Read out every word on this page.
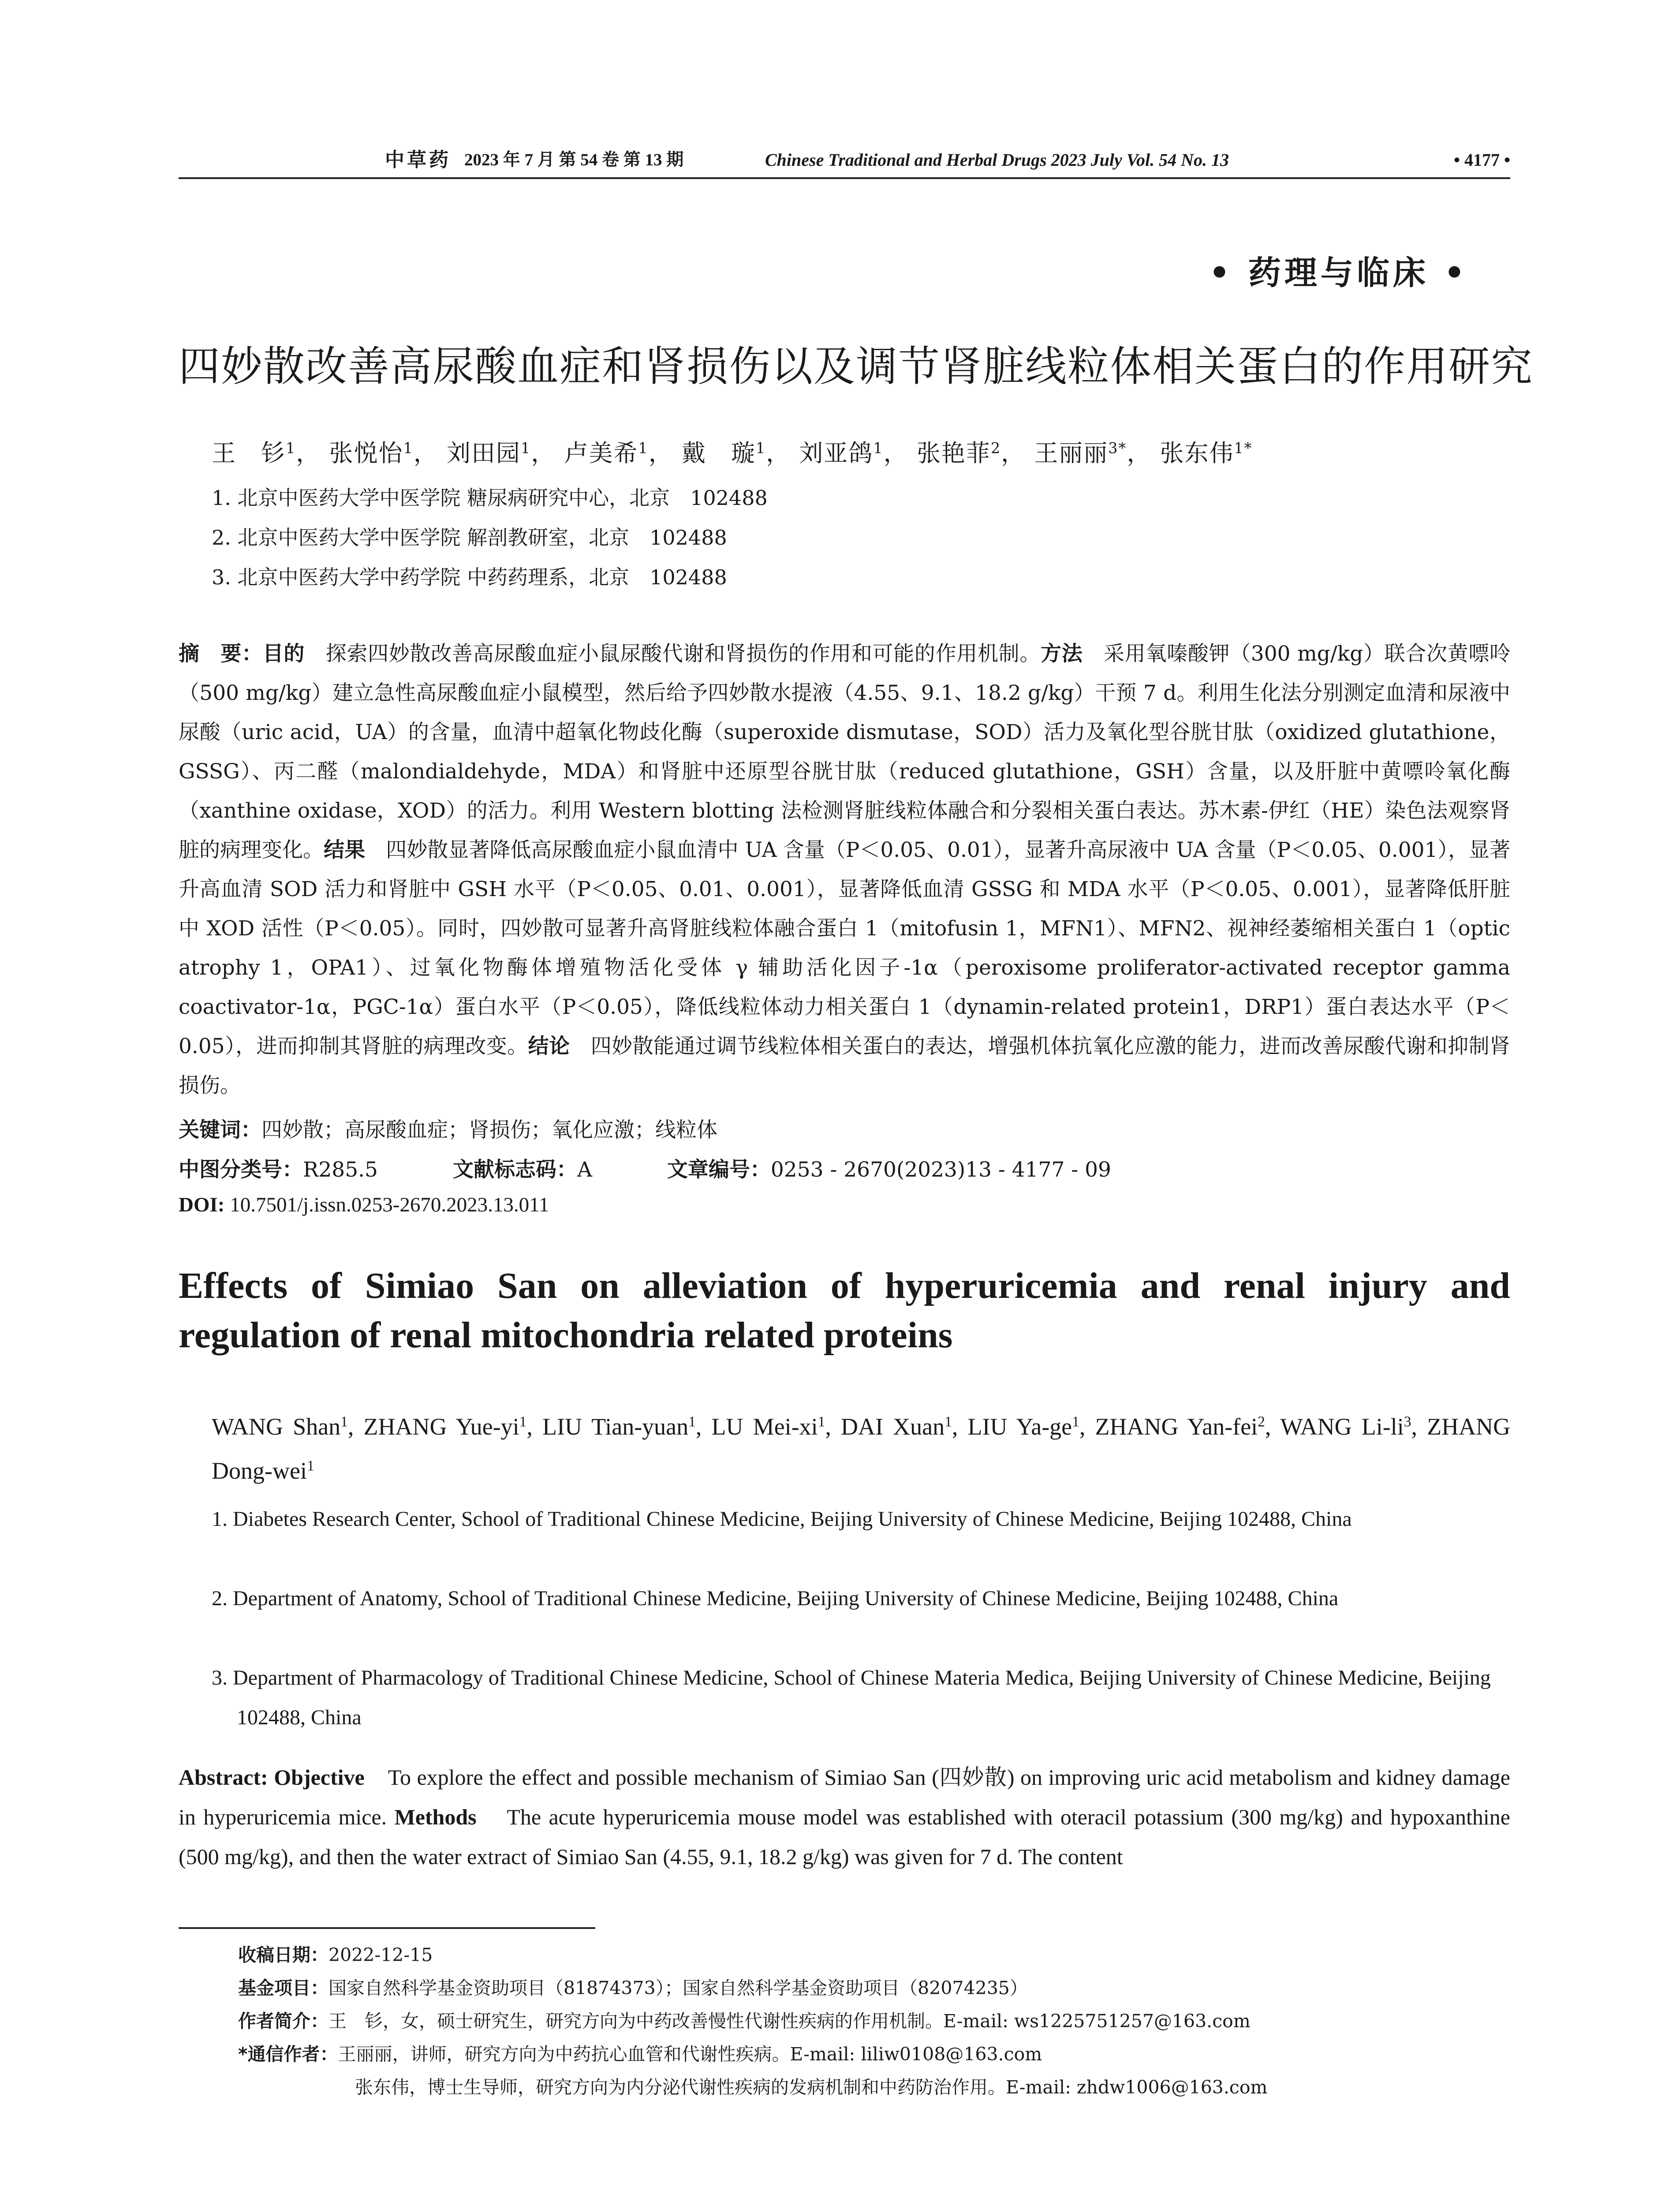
中草药 2023 年 7 月 第 54 卷 第 13 期	Chinese Traditional and Herbal Drugs 2023 July Vol. 54 No. 13	• 4177 •
• 药理与临床 •
四妙散改善高尿酸血症和肾损伤以及调节肾脏线粒体相关蛋白的作用研究
王　钐$^1$， 张悦怡$^1$， 刘田园$^1$， 卢美希$^1$， 戴　璇$^1$， 刘亚鸽$^1$， 张艳菲$^2$， 王丽丽$^{3*}$， 张东伟$^{1*}$
1. 北京中医药大学中医学院 糖尿病研究中心，北京　102488
2. 北京中医药大学中医学院 解剖教研室，北京　102488
3. 北京中医药大学中药学院 中药药理系，北京　102488
摘　要：目的　 探索四妙散改善高尿酸血症小鼠尿酸代谢和肾损伤的作用和可能的作用机制。方法　 采用氧嗪酸钾（300 mg/kg）联合次黄嘌呤（500 mg/kg）建立急性高尿酸血症小鼠模型，然后给予四妙散水提液（4.55、9.1、18.2 g/kg）干预 7 d。利用生化法分别测定血清和尿液中尿酸（uric acid，UA）的含量，血清中超氧化物歧化酶（superoxide dismutase，SOD）活力及氧化型谷胱甘肽（oxidized glutathione，GSSG）、丙二醛（malondialdehyde，MDA）和肾脏中还原型谷胱甘肽（reduced glutathione，GSH）含量，以及肝脏中黄嘌呤氧化酶（xanthine oxidase，XOD）的活力。利用 Western blotting 法检测肾脏线粒体融合和分裂相关蛋白表达。苏木素-伊红（HE）染色法观察肾脏的病理变化。结果　 四妙散显著降低高尿酸血症小鼠血清中 UA 含量（P＜0.05、0.01），显著升高尿液中 UA 含量（P＜0.05、0.001），显著升高血清 SOD 活力和肾脏中 GSH 水平（P＜0.05、0.01、0.001），显著降低血清 GSSG 和 MDA 水平（P＜0.05、0.001），显著降低肝脏中 XOD 活性（P＜0.05）。同时，四妙散可显著升高肾脏线粒体融合蛋白 1（mitofusin 1，MFN1）、MFN2、视神经萎缩相关蛋白 1（optic atrophy 1，OPA1）、过氧化物酶体增殖物活化受体 γ 辅助活化因子-1α（peroxisome proliferator-activated receptor gamma coactivator-1α，PGC-1α）蛋白水平（P＜0.05），降低线粒体动力相关蛋白 1（dynamin-related protein1，DRP1）蛋白表达水平（P＜0.05），进而抑制其肾脏的病理改变。结论　 四妙散能通过调节线粒体相关蛋白的表达，增强机体抗氧化应激的能力，进而改善尿酸代谢和抑制肾损伤。
关键词：四妙散；高尿酸血症；肾损伤；氧化应激；线粒体
中图分类号：R285.5	文献标志码：A	文章编号：0253 - 2670(2023)13 - 4177 - 09
DOI: 10.7501/j.issn.0253-2670.2023.13.011
Effects of Simiao San on alleviation of hyperuricemia and renal injury and
regulation of renal mitochondria related proteins
WANG Shan$^1$, ZHANG Yue-$yi^1$, LIU Tian-yuan$^1$, LU Mei-$xi^1$, DAI Xuan$^1$, LIU $Ya-ge^1$, ZHANG Yan-fei$^2$, WANG $Li-li^3$, ZHANG Dong-wei$^1$
1. Diabetes Research Center, School of Traditional Chinese Medicine, Beijing University of Chinese Medicine, Beijing 102488, China
2. Department of Anatomy, School of Traditional Chinese Medicine, Beijing University of Chinese Medicine, Beijing 102488, China
3. Department of Pharmacology of Traditional Chinese Medicine, School of Chinese Materia Medica, Beijing University of Chinese Medicine, Beijing 102488, China
Abstract: Objective To explore the effect and possible mechanism of Simiao San (四妙散) on improving uric acid metabolism and kidney damage in hyperuricemia mice. Methods The acute hyperuricemia mouse model was established with oteracil potassium (300 mg/kg) and hypoxanthine (500 mg/kg), and then the water extract of Simiao San (4.55, 9.1, 18.2 g/kg) was given for 7 d. The content
收稿日期：2022-12-15
基金项目：国家自然科学基金资助项目（81874373）；国家自然科学基金资助项目（82074235）
作者简介：王　钐，女，硕士研究生，研究方向为中药改善慢性代谢性疾病的作用机制。E-mail: ws1225751257@163.com
*通信作者：王丽丽，讲师，研究方向为中药抗心血管和代谢性疾病。E-mail: liliw0108@163.com
张东伟，博士生导师，研究方向为内分泌代谢性疾病的发病机制和中药防治作用。E-mail: zhdw1006@163.com
